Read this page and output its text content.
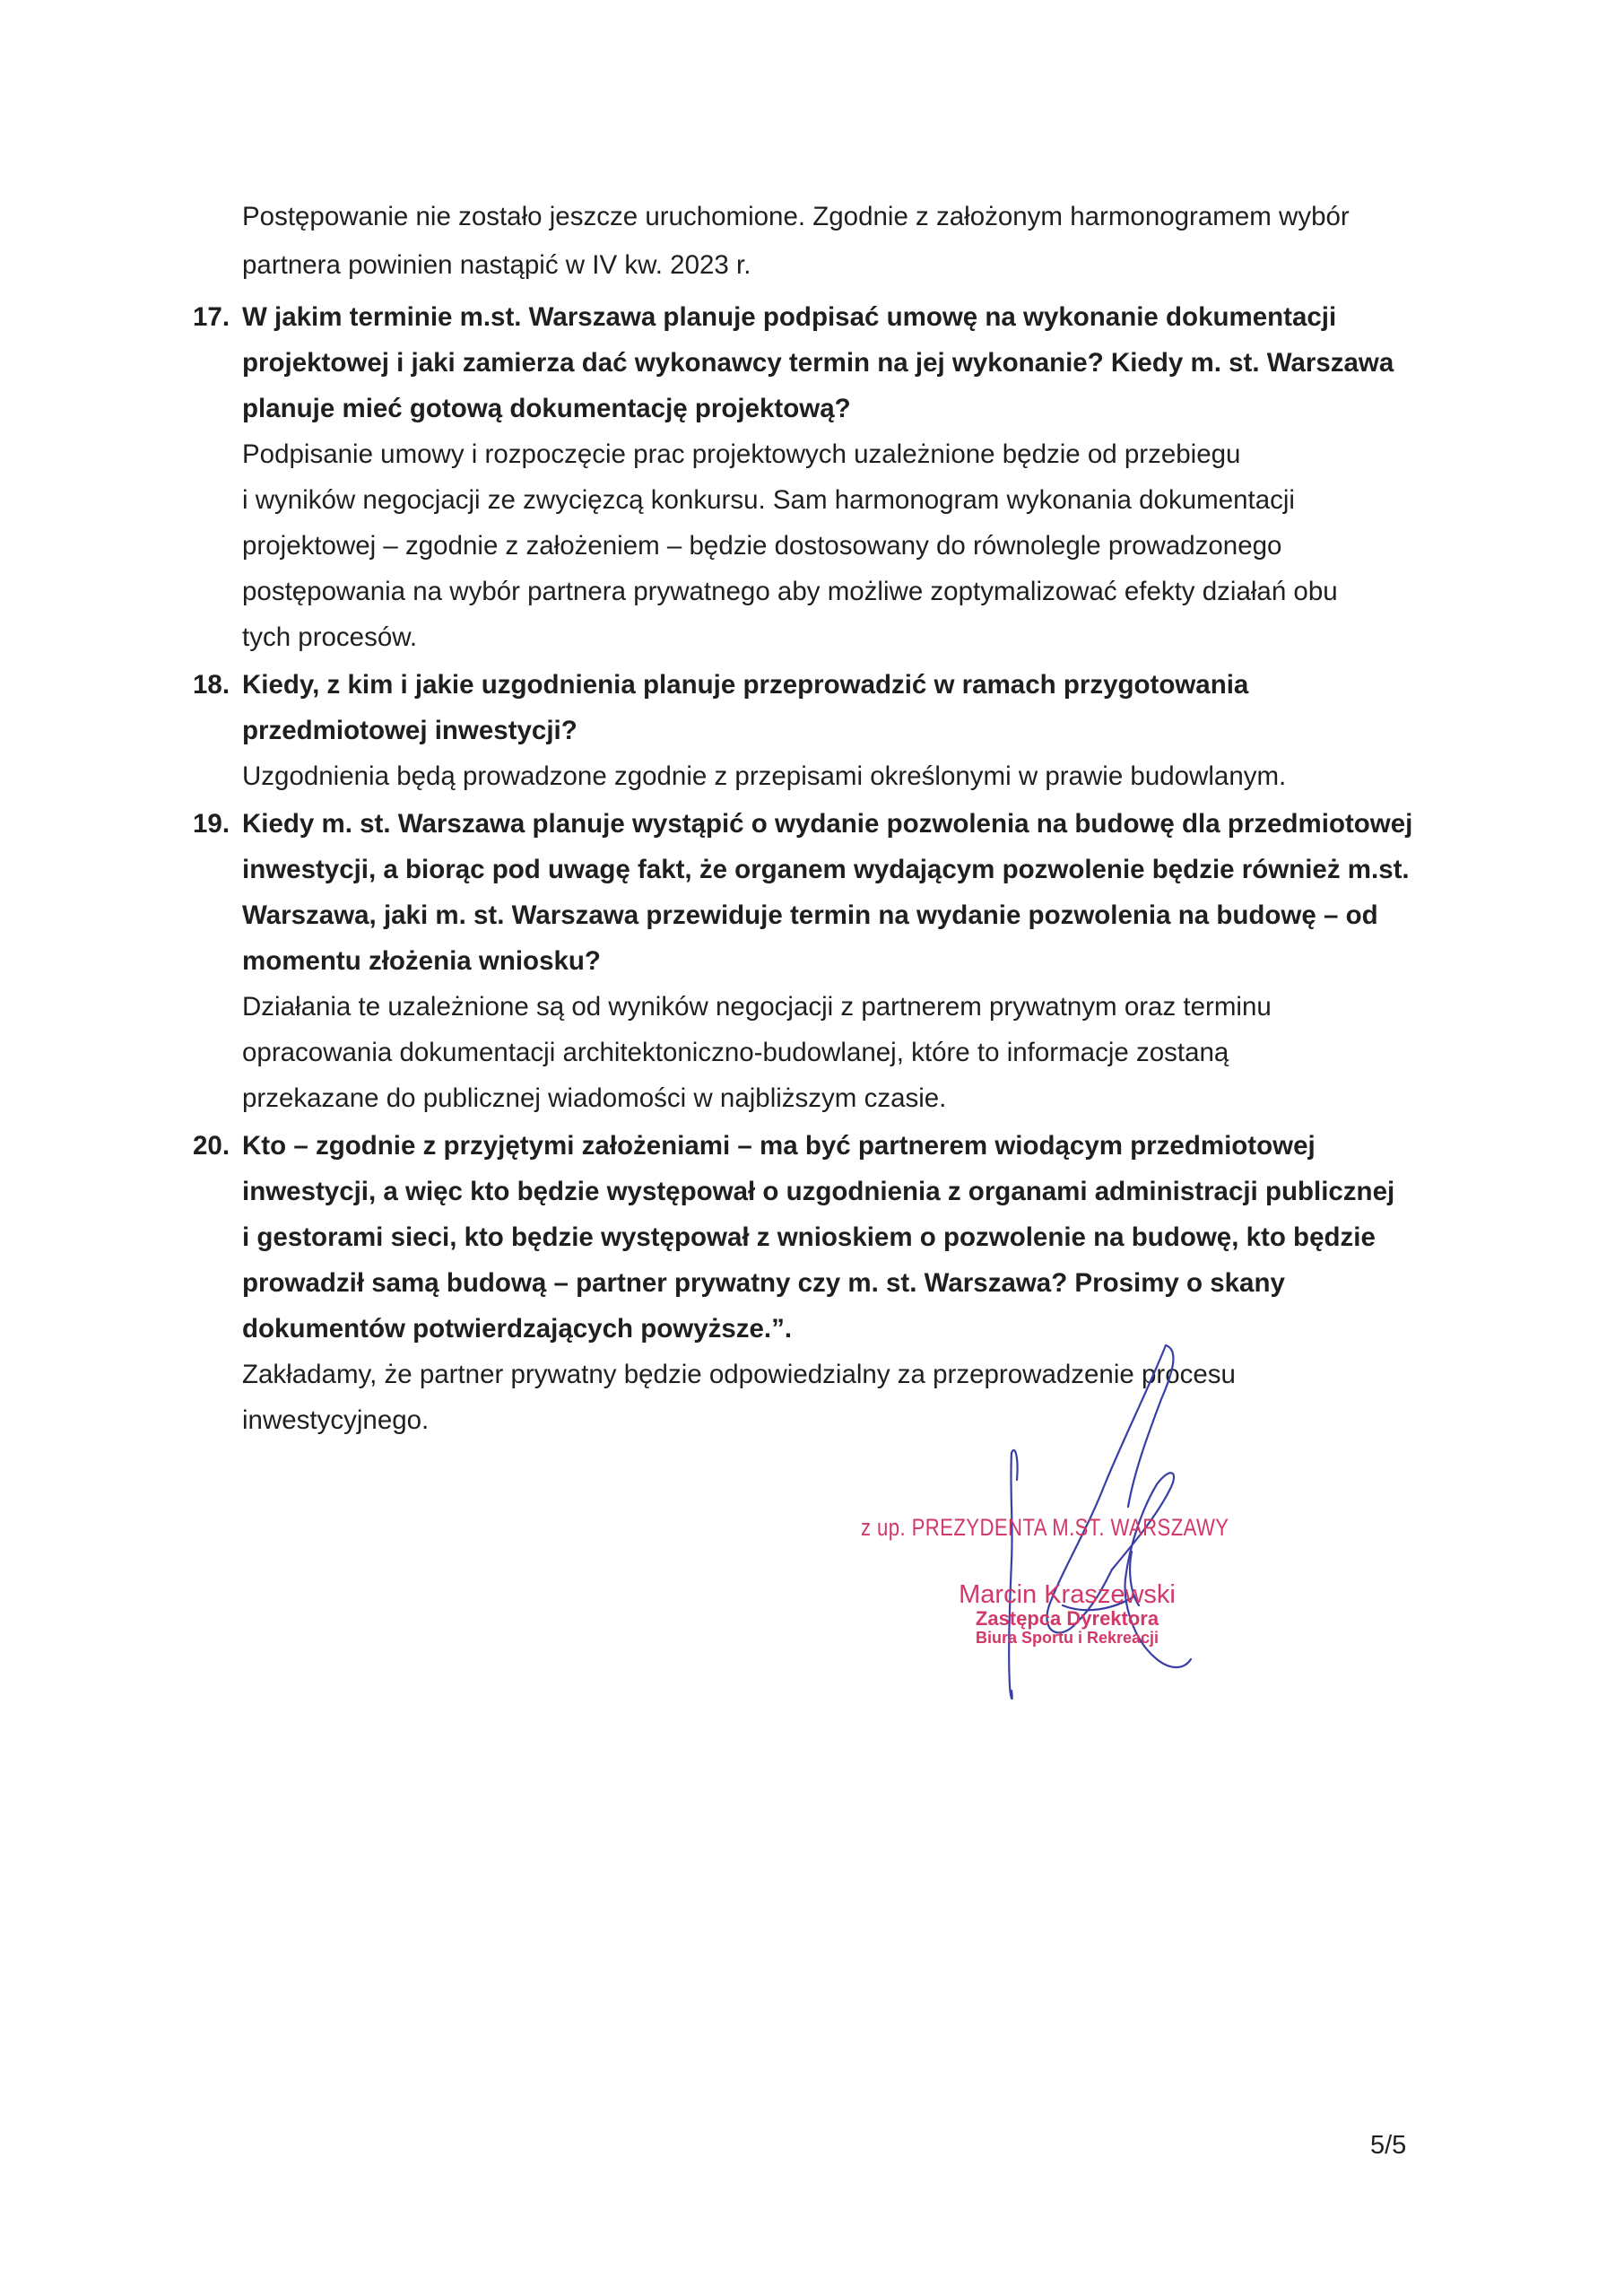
Postępowanie nie zostało jeszcze uruchomione. Zgodnie z założonym harmonogramem wybór

partnera powinien nastąpić w IV kw. 2023 r.

17. W jakim terminie m.st. Warszawa planuje podpisać umowę na wykonanie dokumentacji

projektowej i jaki zamierza dać wykonawcy termin na jej wykonanie? Kiedy m. st. Warszawa

planuje mieć gotową dokumentację projektową?

Podpisanie umowy i rozpoczęcie prac projektowych uzależnione będzie od przebiegu

i wyników negocjacji ze zwycięzcą konkursu. Sam harmonogram wykonania dokumentacji

projektowej – zgodnie z założeniem – będzie dostosowany do równolegle prowadzonego

postępowania na wybór partnera prywatnego aby możliwe zoptymalizować efekty działań obu

tych procesów.

18. Kiedy, z kim i jakie uzgodnienia planuje przeprowadzić w ramach przygotowania

przedmiotowej inwestycji?

Uzgodnienia będą prowadzone zgodnie z przepisami określonymi w prawie budowlanym.

19. Kiedy m. st. Warszawa planuje wystąpić o wydanie pozwolenia na budowę dla przedmiotowej

inwestycji, a biorąc pod uwagę fakt, że organem wydającym pozwolenie będzie również m.st.

Warszawa, jaki m. st. Warszawa przewiduje termin na wydanie pozwolenia na budowę – od

momentu złożenia wniosku?

Działania te uzależnione są od wyników negocjacji z partnerem prywatnym oraz terminu

opracowania dokumentacji architektoniczno-budowlanej, które to informacje zostaną

przekazane do publicznej wiadomości w najbliższym czasie.

20. Kto – zgodnie z przyjętymi założeniami – ma być partnerem wiodącym przedmiotowej

inwestycji, a więc kto będzie występował o uzgodnienia z organami administracji publicznej

i gestorami sieci, kto będzie występował z wnioskiem o pozwolenie na budowę, kto będzie

prowadził samą budową – partner prywatny czy m. st. Warszawa? Prosimy o skany

dokumentów potwierdzających powyższe.”.

Zakładamy, że partner prywatny będzie odpowiedzialny za przeprowadzenie procesu

inwestycyjnego.

z up. PREZYDENTA M.ST. WARSZAWY
Marcin Kraszewski
Zastępca Dyrektora
Biura Sportu i Rekreacji
5/5
